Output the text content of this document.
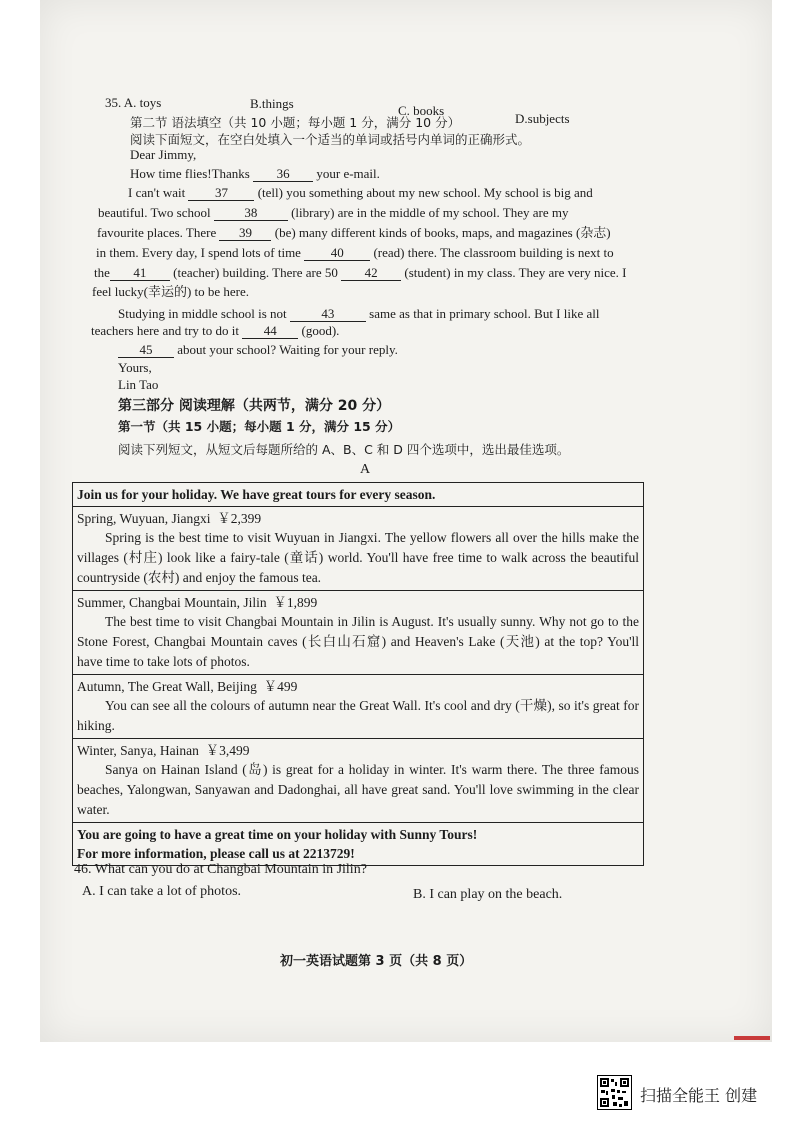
35. A. toys	B.things	C. books
D.subjects
第二节 语法填空（共 10 小题；每小题 1 分，满分 10 分）
阅读下面短文，在空白处填入一个适当的单词或括号内单词的正确形式。
Dear Jimmy,
How time flies!Thanks 36 your e-mail.
I can't wait 37 (tell) you something about my new school. My school is big and
beautiful. Two school	38	(library) are in the middle of my school. They are my
favourite places. There 39 (be) many different kinds of books, maps, and magazines (杂志)
in them. Every day, I spend lots of time 40 (read) there. The classroom building is next to
the 41 (teacher) building. There are 50 42 (student) in my class. They are very nice. I
feel lucky(幸运的) to be here.
Studying in middle school is not	43	same as that in primary school. But I like all
teachers here and try to do it 44 (good).
45 about your school? Waiting for your reply.
Yours,
Lin Tao
第三部分 阅读理解（共两节，满分 20 分）
第一节（共 15 小题；每小题 1 分，满分 15 分）
阅读下列短文，从短文后每题所给的 A、B、C 和 D 四个选项中，选出最佳选项。
A
Join us for your holiday. We have great tours for every season.
Spring, Wuyuan, Jiangxi ￥2,399
Spring is the best time to visit Wuyuan in Jiangxi. The yellow flowers all over the hills make the villages (村庄) look like a fairy-tale (童话) world. You'll have free time to walk across the beautiful countryside (农村) and enjoy the famous tea.
Summer, Changbai Mountain, Jilin ￥1,899
The best time to visit Changbai Mountain in Jilin is August. It's usually sunny. Why not go to the Stone Forest, Changbai Mountain caves (长白山石窟) and Heaven's Lake (天池) at the top? You'll have time to take lots of photos.
Autumn, The Great Wall, Beijing ￥499
You can see all the colours of autumn near the Great Wall. It's cool and dry (干燥), so it's great for hiking.
Winter, Sanya, Hainan ￥3,499
Sanya on Hainan Island (岛) is great for a holiday in winter. It's warm there. The three famous beaches, Yalongwan, Sanyawan and Dadonghai, all have great sand. You'll love swimming in the clear water.
You are going to have a great time on your holiday with Sunny Tours!
For more information, please call us at 2213729!
46. What can you do at Changbai Mountain in Jilin?
A. I can take a lot of photos.	B. I can play on the beach.
初一英语试题第 3 页（共 8 页）
扫描全能王 创建
